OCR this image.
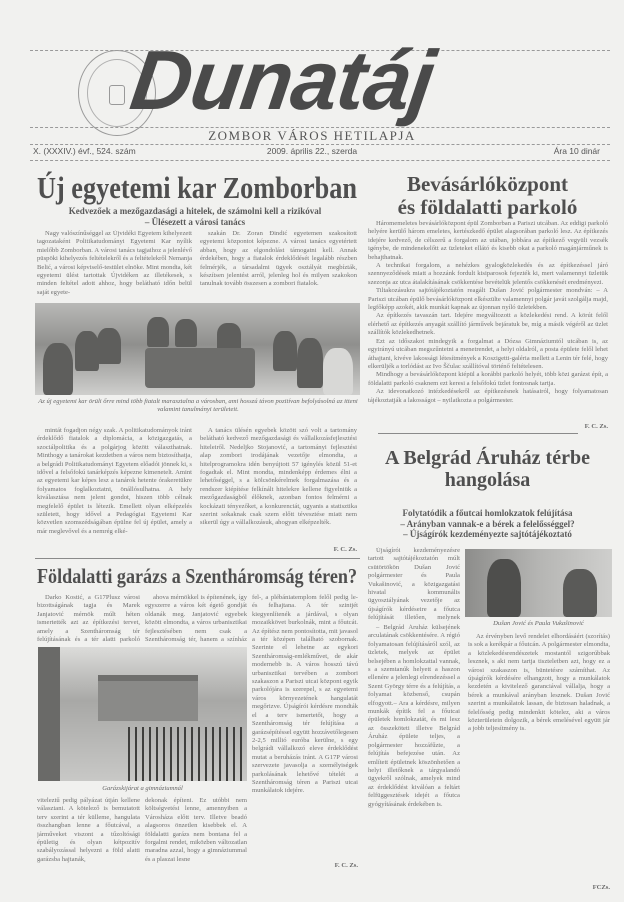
Dunatáj
ZOMBOR VÁROS HETILAPJA
X. (XXXIV.) évf., 524. szám	2009. április 22., szerda	Ára 10 dinár
Új egyetemi kar Zomborban
Kedvezőek a mezőgazdasági a hitelek, de számolni kell a rizikóval
– Ülésezett a városi tanács

Nagy valószínűséggel az Újvidéki Egyetem kihelyezett tagozataként Politikatudományi Egyetemi Kar nyílik mielőbb Zomborban. A városi tanács tagjaihoz a jelenlévő püspöki kihelyezés feltételekről és a feltételekről Nemanja Belić, a városi képviselő-testület elnöke. Mint mondta, két egyetemi ülést tartottak Újvidéken az illetékesek, s minden feltétel adott ahhoz, hogy belátható időn belül saját egyete-

szakán Dr. Zoran Đindić egyetemen szakosított egyetemi központot képezne. A városi tanács egyetértett abban, hogy az elgondolást támogatni kell. Annak érdekében, hogy a fiatalok érdeklődését legalább részben felmérjék, a társadalmi ügyek osztályát megbízták, készítsen jelentést arról, jelenleg hol és milyen szakokon tanulnak tovább összesen a zombori fiatalok.

Az új egyetemi kar örüli őrre mind több fiatalt marasztalna a városban, ami hosszú távon pozitívan befolyásolná az itteni valamint tanulmányi területeit.

mintát fogadjon négy szak. A politikatudományok iránt érdeklődő fiatalok a diplomácia, a közigazgatás, a szociálpolitika és a polgárjog között választhatnak. Minthogy a tanárokat kezdetben a város nem biztosíthatja, a belgrádi Politikatudományi Egyetem előadói jönnek ki, s idővel a felsőfokú tanárképzés képezne kimenetelt. Amint az egyetemi kar képes lesz a tanárok hetente órakeretükre folyamatos foglalkoztatni, önállósulhatna. A hely kiválasztása nem jelent gondot, hiszen több célnak megfelelő épület is létezik. Emellett olyan elképzelés született, hogy idővel a Pedagógiai Egyetemi Kar közvetlen szomszédságában épülne fel új épület, amely a már meglevővel és a nemrég elké-

A tanács ülésén egyebek között szó volt a tartomány belátható kedvező mezőgazdasági és vállalkozásfejlesztési hiteleiről. Nedeljko Stojanović, a tartományi fejlesztési alap zombori irodájának vezetője elmondta, a hitelprogramokra idén benyújtott 57 igénylés közül 51-et fogadtak el. Mint mondta, mindenképp érdemes élni a lehetőséggel, s a kölcsönkérelmek forgalmazása és a rendszer kiépítése felkínált hitelekre kellene figyelniük a mezőgazdaságból élőknek, azonban fontos felmérni a kockázati tényezőket, a konkurenciát, ugyanis a statisztika szerint sokaknak csak szem előtt tévesztése miatt nem sikerül úgy a vállalkozásuk, ahogyan elképzelték.

F. C. Zs.
Bevásárlóközpont
és földalatti parkoló

Háromemeletes bevásárlóközpont épül Zomborban a Pariszi utcában. Az eddigi parkoló helyére kerülő három emeletes, kertészkedő épület alagsorában parkoló lesz. Az építkezés idejére kedvező, de célszerű a forgalom az utában, jobbára az építkező vegyüli vezsék igénybe, de mindenekelőtt az üzleteket ellátó és kisebb okat a parkoló magánjárműnek is behajthatnak.

A technikai forgalom, a nehézkes gyalogközlekedés és az építkezéssel járó szennyeződések miatt a hozzánk fordult kisiparosok fejezték ki, mert valamennyi üzletük szezonja az utca átalakításának csökkentése bevételük jelentős csökkenését eredményezi.

Tiltakozásukra sajtótájékoztatón reagált Dušan Jović polgármester mondván: – A Pariszi utcában épülő bevásárlóközpont elkészülte valamennyi polgár javát szolgálja majd, legfőképp azokét, akik munkát kapnak az újonnan nyíló üzletekben.

Az építkezés tavaszán tart. Idejére megváltozott a közlekedési rend. A körút felől elérhető az építkezés anyagát szállító járművek bejáratuk be, míg a másik végéről az üzlet szállítók közlekedhetnek.

Ezt az időszakot mindegyik a forgalmat a Dózsa Gimnáziumtól utcában is, az egyirányú utcában megszűntetni a menetrendet, a helyi oldalról, a posta épülete felől lehet áthajtani, kivéve lakossági létesítmények a Koszigetti-galéria mellett a Lenin tér felé, hogy elkerüljék a torlódást az Ivo Ščulac szállítóval történő feltételesen.

Mindhogy a bevásárlóközpont kiépül a korábbi parkoló helyét, több közi garázst épít, a földalatti parkoló csaknem ezt keresi a felsőfokú üzlet fontosnak tartja.

Az idevonatkozó intézkedésekről az építkezésnek hatásairól, hogy folyamatosan tájékoztatják a lakosságot – nyilatkozta a polgármester.

F. C. Zs.
A Belgrád Áruház térbe
hangolása
Folytatódik a főutcai homlokzatok felújítása
– Arányban vannak-e a bérek a felelősséggel?
– Újságírók kezdeményezte sajtótájékoztató

Újságírói kezdeményezésre tartott sajtótájékoztatón múlt csütörtökön Dušan Jović polgármester és Paula Vukašinović, a közigazgatási hivatal kommunális ügyosztályának vezetője az újságírók kérdéseire a főutca felújítását illetően, melynek

Dušan Jović és Paula Vukašinović

– Belgrád Áruház külsejének arculatának csökkentésére. A régió folyamatosan felújításáról szól, az üzletek, melyek az épület belsejében a homlokzattal vannak, s a szemtanúk helyett a haszon ellenére a jelenlegi elrendezéssel a Szent György térre és a felújítás, a folyamat közbenső, csupán elfogyott.– Ara a kérdésre, milyen munkák építik fel a főutcai épületek homlokzatát, és mi lesz az összeköteti illetve Belgrád Áruház épülete teljes, a polgármester hozzáfűzte, a felújítás befejezése után. Az említett épületnek köszönhetően a helyi illetőknek a tárgyalandó ügyekről szólnak, amelyek mind az érdeklődést kiválóan a feltárt felfüggesztések idejét a főutca gyógyításának érdekében is.

Az érvényben levő rendelet elhordásáért (szorítás) is sok a kerékpár a főutcán. A polgármester elmondta, a közlekedésrendészetek mostantól szigorúbbak lesznek, s aki nem tartja tiszteletben azt, hogy ez a városi szakaszon is, büntetésre számíthat. Az újságírók kérdésére elhangzott, hogy a munkálatok kezdetén a kivitelező garanciával vállalja, hogy a bérek a munkával arányban lesznek. Dušan Jović szerint a munkálatok lassan, de biztosan haladnak, a felelősség pedig mindenkit kötelez, aki a város közterületein dolgozik, a bérek emelésével együtt jár a jobb teljesítmény is.

FCZs.
Földalatti garázs a Szentháromság téren?

Darko Kostić, a G17Plusz városi bizottságának tagja és Marek Janjatović mérnök múlt héten ismertették azt az építkezési tervet, amely a Szentháromság tér felújításának és a tér alatti parkoló

ahova mérnökkel is építenének, így egyszerre a város két égető gondját oldanák meg. Janjatović egyebek között elmondta, a város urbanisztikai fejlesztésében nem csak a Szentháromság tér, hanem a színház

Garázskijárat a gimnáziumnál

viteleztű pedig pályázat útján kellene választani. A kötelező is bemutatott terv szerint a tér külleme, hangulata összhangban lenne a főutcával, a járműveket viszont a tűzoltósági épületig és olyan kétpozitív szabályozással helyezni a föld alatti garázsba hajtanák,

dekonak építeni. Ez utóbbi nem költségvetési lenne, amennyiben a Városháza előtt terv. Illetve beadó alagsoros önzetlen kisebbek el. A földalatti garázs nem bontana fel a forgalmi rendet, miközben változatlan maradna azzal, hogy a gimnáziummal és a plaszai lesne

fel-, a plébániatemplom felől pedig le- és felhajtana. A tér szintjét kiegyenlítenék a járdával, s olyan mozaikkövet burkolnák, mint a főutcát. Az építész nem pontosította, mit javasol a tér középen található szobornak. Szerinte el lehetne az egykori Szentháromság-emlékművet, de akár modernebb is. A város hosszú távú urbanisztikai tervében a zombori szakaszon a Pariszi utcai központ egyik parkolójára is szerepel, s az egyetemi város környezetének hangulatát megőrizve. Újságírói kérdésre mondták el a terv ismertetői, hogy a Szentháromság tér felújítása a garázsépítéssel együtt hozzávetőlegesen 2-2,5 millió euróba kerülne, s egy belgrádi vállalkozó eleve érdeklődést mutat a beruházás iránt. A G17P városi szervezete javasolja a személyiségek parkolásának lehetővé tételét a Szentháromság téren a Pariszi utcai munkálatok idejére.

F. C. Zs.
